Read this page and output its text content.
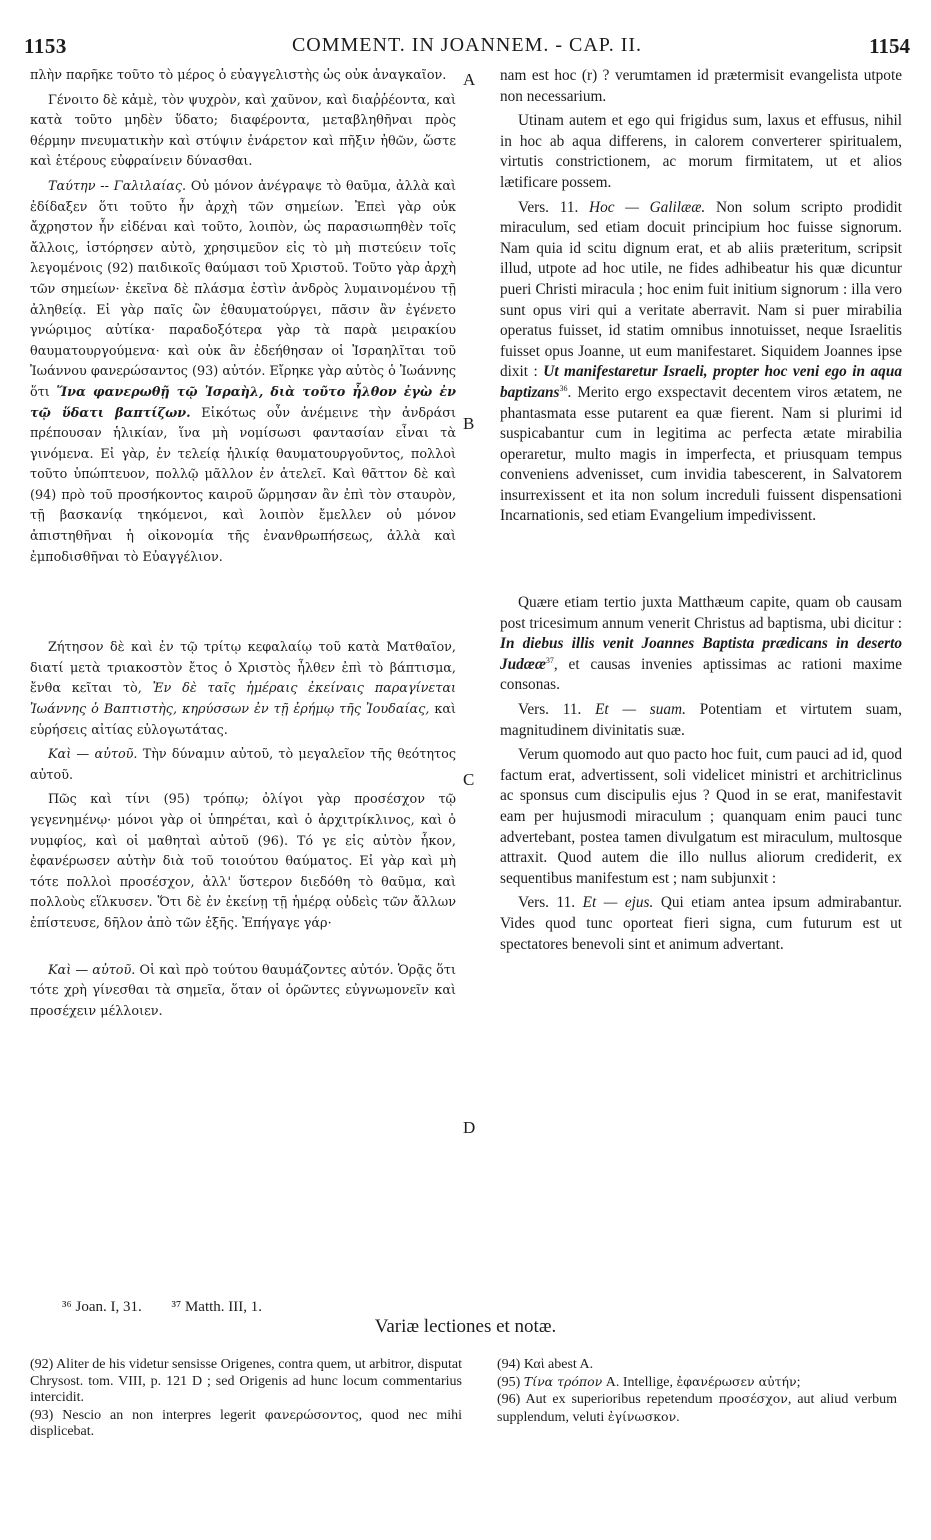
1153	COMMENT. IN JOANNEM. - CAP. II.	1154
A
B
C
D

πλὴν παρῆκε τοῦτο τὸ μέρος ὁ εὐαγγελιστὴς ὡς οὐκ ἀναγκαῖον.

Γένοιτο δὲ κἀμὲ, τὸν ψυχρὸν, καὶ χαῦνον, καὶ διαῤῥέοντα, καὶ κατὰ τοῦτο μηδὲν ὕδατο; διαφέροντα, μεταβληθῆναι πρὸς θέρμην πνευματικὴν καὶ στύψιν ἐνάρετον καὶ πῆξιν ἠθῶν, ὥστε καὶ ἑτέρους εὐφραίνειν δύνασθαι.

Ταύτην -- Γαλιλαίας. Οὐ μόνον ἀνέγραψε τὸ θαῦμα, ἀλλὰ καὶ ἐδίδαξεν ὅτι τοῦτο ἦν ἀρχὴ τῶν σημείων. Ἐπεὶ γὰρ οὐκ ἄχρηστον ἦν εἰδέναι καὶ τοῦτο, λοιπὸν, ὡς παρασιωπηθὲν τοῖς ἄλλοις, ἱστόρησεν αὐτὸ, χρησιμεῦον εἰς τὸ μὴ πιστεύειν τοῖς λεγομένοις (92) παιδικοῖς θαύμασι τοῦ Χριστοῦ. Τοῦτο γὰρ ἀρχὴ τῶν σημείων· ἐκεῖνα δὲ πλάσμα ἐστὶν ἀνδρὸς λυμαινομένου τῇ ἀληθείᾳ. Εἰ γὰρ παῖς ὢν ἐθαυματούργει, πᾶσιν ἂν ἐγένετο γνώριμος αὐτίκα· παραδοξότερα γὰρ τὰ παρὰ μειρακίου θαυματουργούμενα· καὶ οὐκ ἂν ἐδεήθησαν οἱ Ἰσραηλῖται τοῦ Ἰωάννου φανερώσαντος (93) αὐτόν. Εἴρηκε γὰρ αὐτὸς ὁ Ἰωάννης ὅτι Ἵνα φανερωθῇ τῷ Ἰσραὴλ, διὰ τοῦτο ἦλθον ἐγὼ ἐν τῷ ὕδατι βαπτίζων. Εἰκότως οὖν ἀνέμεινε τὴν ἀνδράσι πρέπουσαν ἡλικίαν, ἵνα μὴ νομίσωσι φαντασίαν εἶναι τὰ γινόμενα. Εἰ γὰρ, ἐν τελείᾳ ἡλικίᾳ θαυματουργοῦντος, πολλοὶ τοῦτο ὑπώπτευον, πολλῷ μᾶλλον ἐν ἀτελεῖ. Καὶ θᾶττον δὲ καὶ (94) πρὸ τοῦ προσήκοντος καιροῦ ὥρμησαν ἂν ἐπὶ τὸν σταυρὸν, τῇ βασκανίᾳ τηκόμενοι, καὶ λοιπὸν ἔμελλεν οὐ μόνον ἀπιστηθῆναι ἡ οἰκονομία τῆς ἐνανθρωπήσεως, ἀλλὰ καὶ ἐμποδισθῆναι τὸ Εὐαγγέλιον.

Ζήτησον δὲ καὶ ἐν τῷ τρίτῳ κεφαλαίῳ τοῦ κατὰ Ματθαῖον, διατί μετὰ τριακοστὸν ἔτος ὁ Χριστὸς ἦλθεν ἐπὶ τὸ βάπτισμα, ἔνθα κεῖται τὸ, Ἐν δὲ ταῖς ἡμέραις ἐκείναις παραγίνεται Ἰωάννης ὁ Βαπτιστὴς, κηρύσσων ἐν τῇ ἐρήμῳ τῆς Ἰουδαίας, καὶ εὑρήσεις αἰτίας εὐλογωτάτας.

Καὶ — αὐτοῦ. Τὴν δύναμιν αὐτοῦ, τὸ μεγαλεῖον τῆς θεότητος αὐτοῦ.

Πῶς καὶ τίνι (95) τρόπῳ; ὀλίγοι γὰρ προσέσχον τῷ γεγενημένῳ· μόνοι γὰρ οἱ ὑπηρέται, καὶ ὁ ἀρχιτρίκλινος, καὶ ὁ νυμφίος, καὶ οἱ μαθηταὶ αὐτοῦ (96). Τό γε εἰς αὐτὸν ἧκον, ἐφανέρωσεν αὐτὴν διὰ τοῦ τοιούτου θαύματος. Εἰ γὰρ καὶ μὴ τότε πολλοὶ προσέσχον, ἀλλ' ὕστερον διεδόθη τὸ θαῦμα, καὶ πολλοὺς εἵλκυσεν. Ὅτι δὲ ἐν ἐκείνῃ τῇ ἡμέρᾳ οὐδεὶς τῶν ἄλλων ἐπίστευσε, δῆλον ἀπὸ τῶν ἑξῆς. Ἐπήγαγε γάρ·

Καὶ — αὐτοῦ. Οἱ καὶ πρὸ τούτου θαυμάζοντες αὐτόν. Ὁρᾷς ὅτι τότε χρὴ γίνεσθαι τὰ σημεῖα, ὅταν οἱ ὁρῶντες εὐγνωμονεῖν καὶ προσέχειν μέλλοιεν.

nam est hoc (r) ? verumtamen id prætermisit evangelista utpote non necessarium.

Utinam autem et ego qui frigidus sum, laxus et effusus, nihil in hoc ab aqua differens, in calorem converterer spiritualem, virtutis constrictionem, ac morum firmitatem, ut et alios lætificare possem.

Vers. 11. Hoc — Galilææ. Non solum scripto prodidit miraculum, sed etiam docuit principium hoc fuisse signorum. Nam quia id scitu dignum erat, et ab aliis præteritum, scripsit illud, utpote ad hoc utile, ne fides adhibeatur his quæ dicuntur pueri Christi miracula ; hoc enim fuit initium signorum : illa vero sunt opus viri qui a veritate aberravit. Nam si puer mirabilia operatus fuisset, id statim omnibus innotuisset, neque Israelitis fuisset opus Joanne, ut eum manifestaret. Siquidem Joannes ipse dixit : Ut manifestaretur Israeli, propter hoc veni ego in aqua baptizans$^{36}$. Merito ergo exspectavit decentem viros ætatem, ne phantasmata esse putarent ea quæ fierent. Nam si plurimi id suspicabantur cum in legitima ac perfecta ætate mirabilia operaretur, multo magis in imperfecta, et priusquam tempus conveniens advenisset, cum invidia tabescerent, in Salvatorem insurrexissent et ita non solum increduli fuissent dispensationi Incarnationis, sed etiam Evangelium impedivissent.

Quære etiam tertio juxta Matthæum capite, quam ob causam post tricesimum annum venerit Christus ad baptisma, ubi dicitur : In diebus illis venit Joannes Baptista prædicans in deserto Judææ$^{37}$, et causas invenies aptissimas ac rationi maxime consonas.

Vers. 11. Et — suam. Potentiam et virtutem suam, magnitudinem divinitatis suæ.

Verum quomodo aut quo pacto hoc fuit, cum pauci ad id, quod factum erat, advertissent, soli videlicet ministri et architriclinus ac sponsus cum discipulis ejus ? Quod in se erat, manifestavit eam per hujusmodi miraculum ; quanquam enim pauci tunc advertebant, postea tamen divulgatum est miraculum, multosque attraxit. Quod autem die illo nullus aliorum crediderit, ex sequentibus manifestum est ; nam subjunxit :

Vers. 11. Et — ejus. Qui etiam antea ipsum admirabantur. Vides quod tunc oporteat fieri signa, cum futurum est ut spectatores benevoli sint et animum advertant.

³⁶ Joan. I, 31. ³⁷ Matth. III, 1.
Variæ lectiones et notæ.

(92) Aliter de his videtur sensisse Origenes, contra quem, ut arbitror, disputat Chrysost. tom. VIII, p. 121 D ; sed Origenis ad hunc locum commentarius intercidit.

(93) Nescio an non interpres legerit φανερώσοντος, quod nec mihi displicebat.

(94) Καὶ abest A.

(95) Τίνα τρόπον A. Intellige, ἐφανέρωσεν αὐτήν;

(96) Aut ex superioribus repetendum προσέσχον, aut aliud verbum supplendum, veluti ἐγίνωσκον.
